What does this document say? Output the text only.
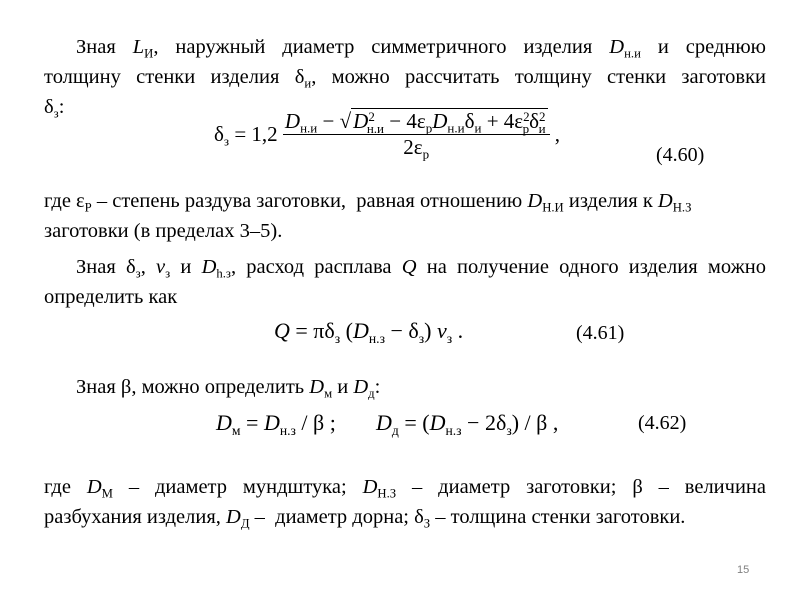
Зная $L_И$, наружный диаметр симметричного изделия $D_{н.и}$ и среднюю
толщину стенки изделия $\delta_и$, можно рассчитать толщину стенки заготовки
$\delta_з$:
$\delta_з = 1,2 \frac{D_{н.и} - √D^2_{н.и} - 4\varepsilon_рD_{н.и}\delta_и + 4\varepsilon^2_р\delta^2_и}{2\varepsilon_р}$ ,
(4.60)
где $\varepsilon_Р$ – степень раздува заготовки,  равная отношению $D_{Н.И}$ изделия к $D_{Н.З}$
заготовки (в пределах 3–5).
Зная $\delta_з$, $v_з$ и $D_{h.з}$, расход расплава Q на получение одного изделия можно
определить как
$Q = \pi\delta_з$ $(D_{н.з} - \delta_з)$ $v_з$ .	(4.61)
Зная β, можно определить $D_м$ и $D_д$:
$D_м = D_{н.з} / \beta$ ; $D_д = (D_{н.з} - 2\delta_з) / \beta$ ,	(4.62)
где $D_М$ – диаметр мундштука; $D_{Н.З}$ – диаметр заготовки; β – величина
разбухания изделия, $D_Д$ –  диаметр дорна; $\delta_З$ – толщина стенки заготовки.
15
